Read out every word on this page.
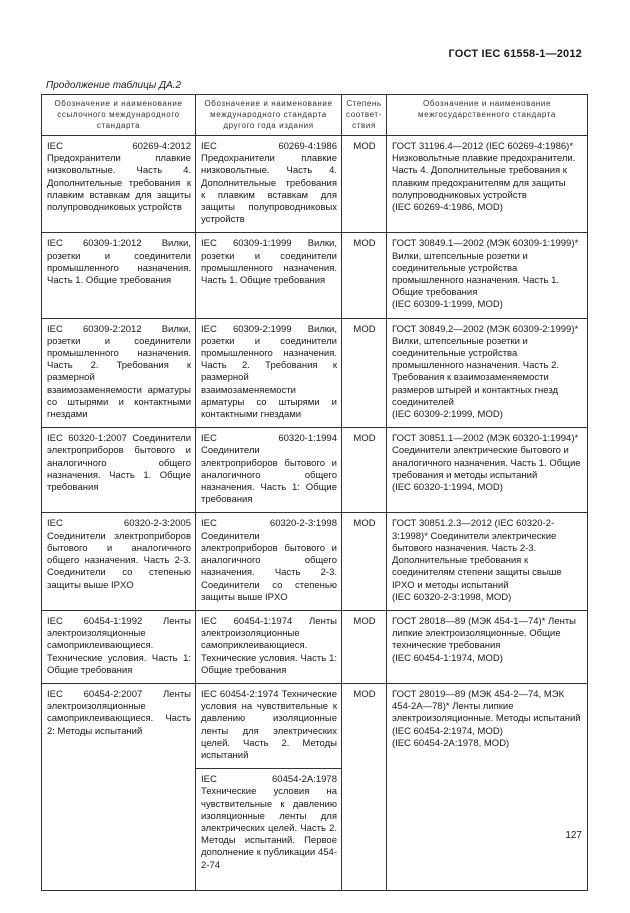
ГОСТ IEC 61558-1—2012
Продолжение таблицы ДА.2
Обозначение и наименование ссылочного международного стандарта	Обозначение и наименование международного стандарта другого года издания	Степень соответ-ствия	Обозначение и наименование межгосударственного стандарта
IEC 60269-4:2012 Предохранители плавкие низковольтные. Часть 4. Дополнительные требования к плавким вставкам для защиты полупроводниковых устройств	IEC 60269-4:1986 Предохранители плавкие низковольтные. Часть 4. Дополнительные требования к плавким вставкам для защиты полупроводниковых устройств	MOD	ГОСТ 31196.4—2012 (IEC 60269-4:1986)* Низковольтные плавкие предохранители. Часть 4. Дополнительные требования к плавким предохранителям для защиты полупроводниковых устройств
(IEC 60269-4:1986, MOD)

IEC 60309-1:2012 Вилки, розетки и соединители промышленного назначения. Часть 1. Общие требования	IEC 60309-1:1999 Вилки, розетки и соединители промышленного назначения. Часть 1. Общие требования	MOD	ГОСТ 30849.1—2002 (МЭК 60309-1:1999)* Вилки, штепсельные розетки и соединительные устройства промышленного назначения. Часть 1. Общие требования
(IEC 60309-1:1999, MOD)

IEC 60309-2:2012 Вилки, розетки и соединители промышленного назначения. Часть 2. Требования к размерной взаимозаменяемости арматуры со штырями и контактными гнездами	IEC 60309-2:1999 Вилки, розетки и соединители промышленного назначения. Часть 2. Требования к размерной взаимозаменяемости арматуры со штырями и контактными гнездами	MOD	ГОСТ 30849.2—2002 (МЭК 60309-2:1999)* Вилки, штепсельные розетки и соединительные устройства промышленного назначения. Часть 2. Требования к взаимозаменяемости размеров штырей и контактных гнезд соединителей
(IEC 60309-2:1999, MOD)

IEC 60320-1:2007 Соединители электроприборов бытового и аналогичного общего назначения. Часть 1. Общие требования	IEC 60320-1:1994 Соединители электроприборов бытового и аналогичного общего назначения. Часть 1: Общие требования	MOD	ГОСТ 30851.1—2002 (МЭК 60320-1:1994)* Соединители электрические бытового и аналогичного назначения. Часть 1. Общие требования и методы испытаний
(IEC 60320-1:1994, MOD)

IEC 60320-2-3:2005 Соединители электроприборов бытового и аналогичного общего назначения. Часть 2-3. Соединители со степенью защиты выше IPXO	IEC 60320-2-3:1998 Соединители электроприборов бытового и аналогичного общего назначения. Часть 2-3. Соединители со степенью защиты выше IPXO	MOD	ГОСТ 30851.2.3—2012 (IEC 60320-2-3:1998)* Соединители электрические бытового назначения. Часть 2-3. Дополнительные требования к соединителям степени защиты свыше IPXO и методы испытаний
(IEC 60320-2-3:1998, MOD)

IEC 60454-1:1992 Ленты электроизоляционные самоприклеивающиеся. Технические условия. Часть 1: Общие требования	IEC 60454-1:1974 Ленты электроизоляционные самоприклеивающиеся. Технические условия. Часть 1: Общие требования	MOD	ГОСТ 28018—89 (МЭК 454-1—74)* Ленты липкие электроизоляционные. Общие технические требования
(IEC 60454-1:1974, MOD)

IEC 60454-2:2007 Ленты электроизоляционные самоприклеивающиеся. Часть 2: Методы испытаний	IEC 60454-2:1974 Технические условия на чувствительные к давлению изоляционные ленты для электрических целей. Часть 2. Методы испытаний	MOD	ГОСТ 28019—89 (МЭК 454-2—74, МЭК 454-2А—78)* Ленты липкие электроизоляционные. Методы испытаний
(IEC 60454-2:1974, MOD)
(IEC 60454-2A:1978, MOD)

	IEC 60454-2A:1978 Технические условия на чувствительные к давлению изоляционные ленты для электрических целей. Часть 2. Методы испытаний. Первое дополнение к публикации 454-2-74		
127
